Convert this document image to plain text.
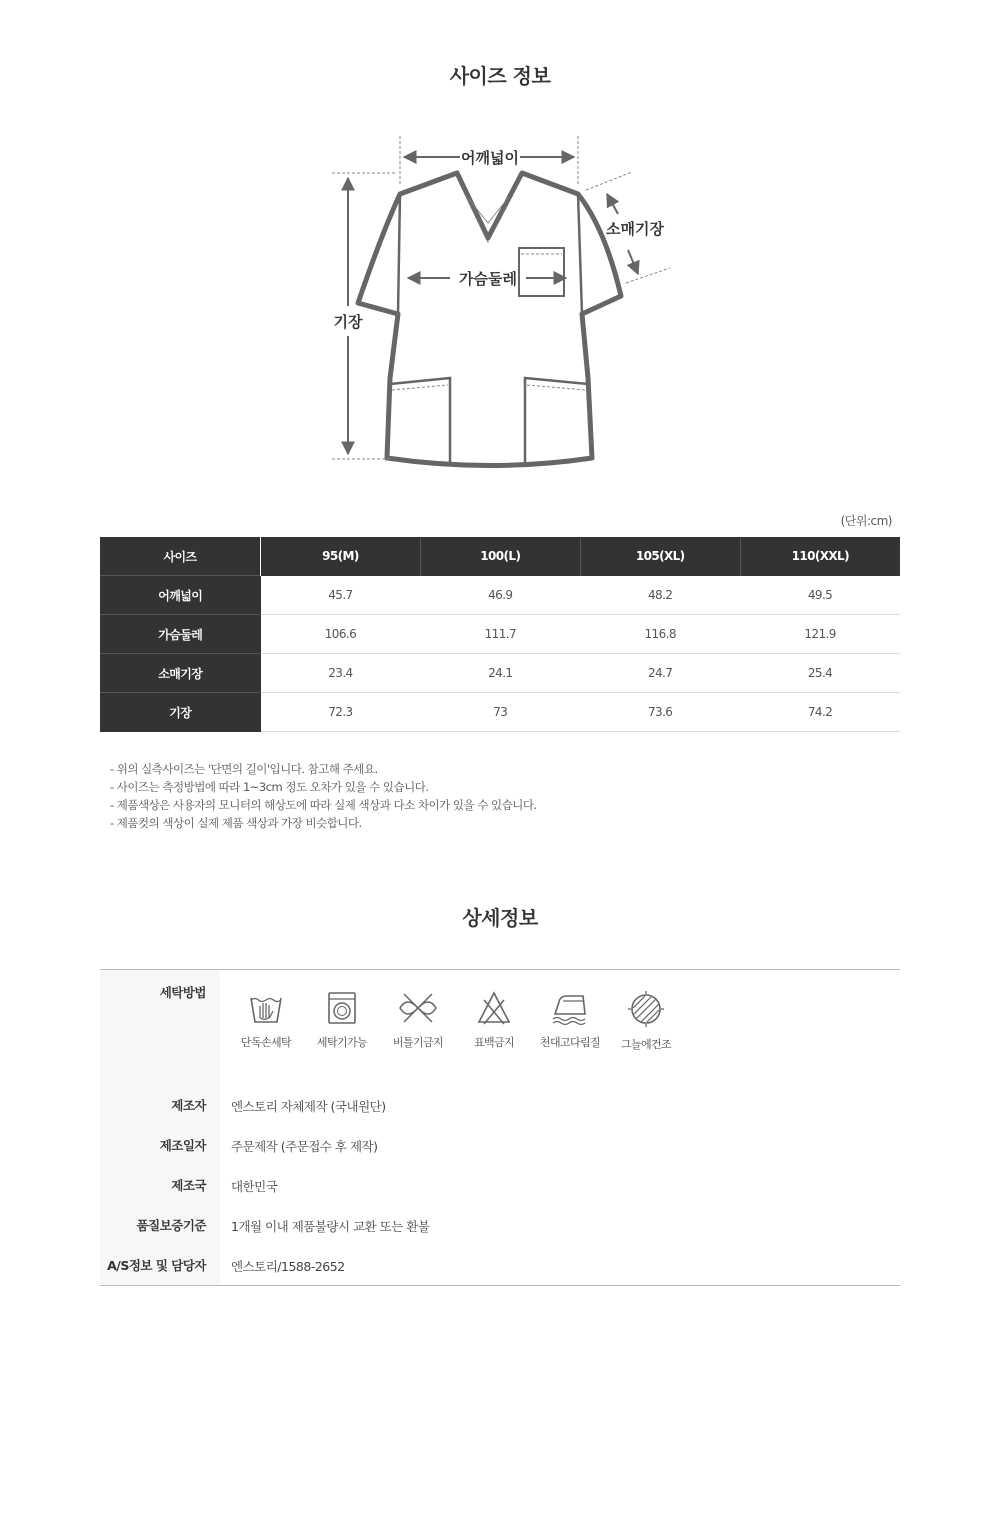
사이즈 정보
어깨넓이
기장
가슴둘레
소매기장
(단위:cm)
사이즈	95(M)	100(L)	105(XL)	110(XXL)
어깨넓이	45.7	46.9	48.2	49.5
가슴둘레	106.6	111.7	116.8	121.9
소매기장	23.4	24.1	24.7	25.4
기장	72.3	73	73.6	74.2
- 위의 실측사이즈는 '단면의 길이'입니다. 참고해 주세요.
- 사이즈는 측정방법에 따라 1~3cm 정도 오차가 있을 수 있습니다.
- 제품색상은 사용자의 모니터의 해상도에 따라 실제 색상과 다소 차이가 있을 수 있습니다.
- 제품컷의 색상이 실제 제품 색상과 가장 비슷합니다.
상세정보
세탁방법
단독손세탁	세탁기가능	비틀기금지	표백금지	천대고다림질	그늘에건조
제조자 엔스토리 자체제작 (국내원단)
제조일자 주문제작 (주문접수 후 제작)
제조국 대한민국
품질보증기준 1개월 이내 제품불량시 교환 또는 환불
A/S정보 및 담당자 엔스토리/1588-2652
